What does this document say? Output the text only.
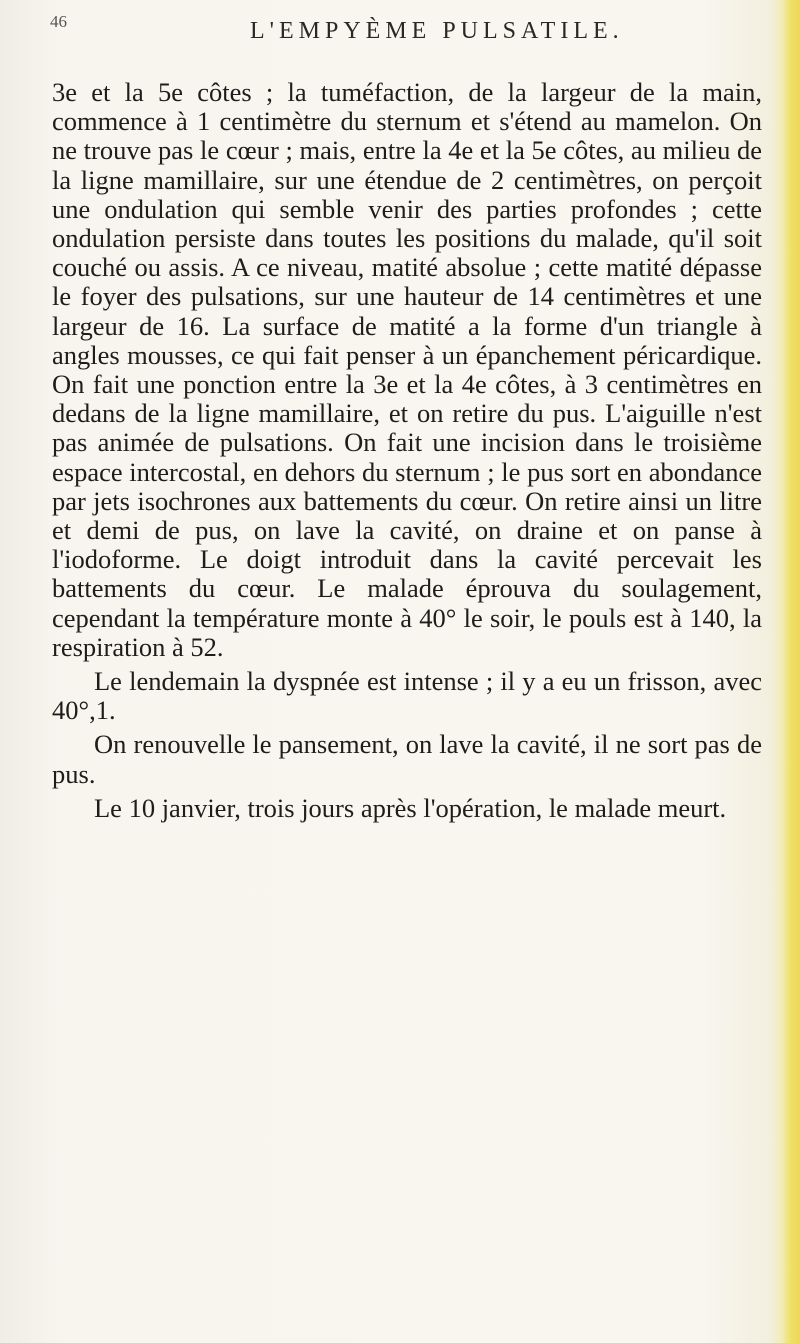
46	L'EMPYÈME PULSATILE.

3e et la 5e côtes ; la tuméfaction, de la largeur de la main, commence à 1 centimètre du sternum et s'étend au mamelon. On ne trouve pas le cœur ; mais, entre la 4e et la 5e côtes, au milieu de la ligne mamillaire, sur une étendue de 2 centimètres, on perçoit une ondulation qui semble venir des parties profondes ; cette ondulation persiste dans toutes les positions du malade, qu'il soit couché ou assis. A ce niveau, matité absolue ; cette matité dépasse le foyer des pulsations, sur une hauteur de 14 centimètres et une largeur de 16. La surface de matité a la forme d'un triangle à angles mousses, ce qui fait penser à un épanchement péricardique. On fait une ponction entre la 3e et la 4e côtes, à 3 centimètres en dedans de la ligne mamillaire, et on retire du pus. L'aiguille n'est pas animée de pulsations. On fait une incision dans le troisième espace intercostal, en dehors du sternum ; le pus sort en abondance par jets isochrones aux battements du cœur. On retire ainsi un litre et demi de pus, on lave la cavité, on draine et on panse à l'iodoforme. Le doigt introduit dans la cavité percevait les battements du cœur. Le malade éprouva du soulagement, cependant la température monte à 40° le soir, le pouls est à 140, la respiration à 52.

Le lendemain la dyspnée est intense ; il y a eu un frisson, avec 40°,1.

On renouvelle le pansement, on lave la cavité, il ne sort pas de pus.

Le 10 janvier, trois jours après l'opération, le malade meurt.
